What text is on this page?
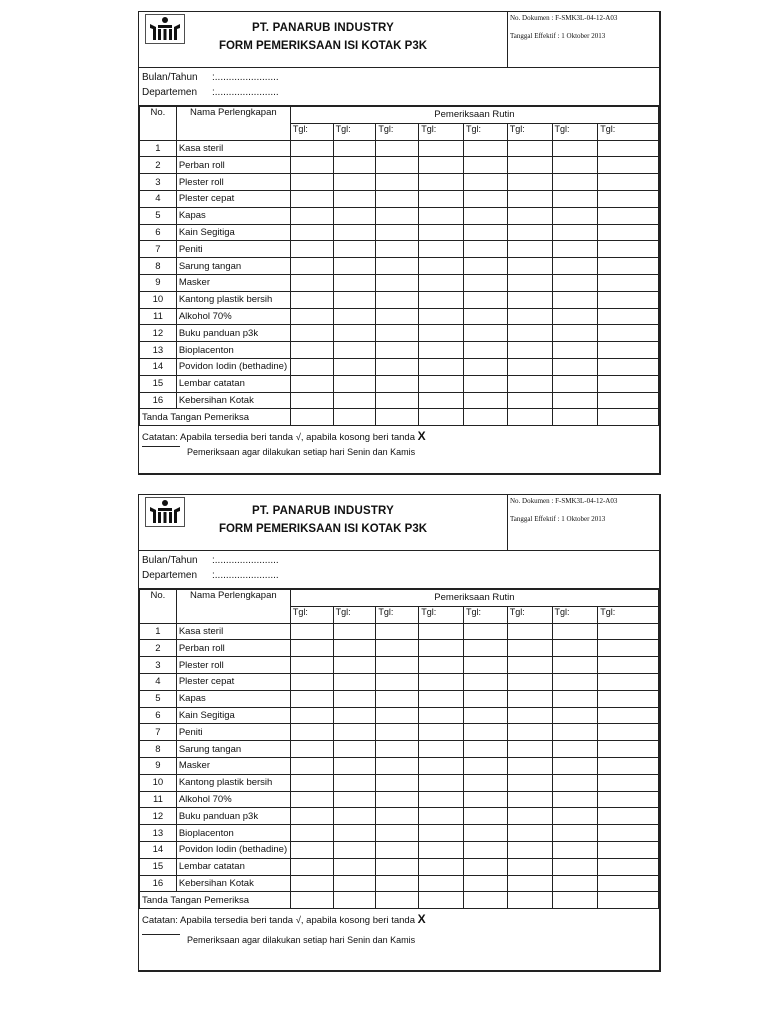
PT. PANARUB INDUSTRY
FORM PEMERIKSAAN ISI KOTAK P3K
No. Dokumen : F-SMK3L-04-12-A03
Tanggal Effektif : 1 Oktober 2013
Bulan/Tahun :.......................
Departemen :.......................
No.	Nama Perlengkapan	Pemeriksaan Rutin							
		Tgl:	Tgl:	Tgl:	Tgl:	Tgl:	Tgl:	Tgl:	Tgl:
1	Kasa steril								
2	Perban roll								
3	Plester roll								
4	Plester cepat								
5	Kapas								
6	Kain Segitiga								
7	Peniti								
8	Sarung tangan								
9	Masker								
10	Kantong plastik bersih								
11	Alkohol 70%								
12	Buku panduan p3k								
13	Bioplacenton								
14	Povidon Iodin (bethadine)								
15	Lembar catatan								
16	Kebersihan Kotak								
Tanda Tangan Pemeriksa									
Catatan: Apabila tersedia beri tanda √, apabila kosong beri tanda X
Pemeriksaan agar dilakukan setiap hari Senin dan Kamis
PT. PANARUB INDUSTRY
FORM PEMERIKSAAN ISI KOTAK P3K
No. Dokumen : F-SMK3L-04-12-A03
Tanggal Effektif : 1 Oktober 2013
Bulan/Tahun :.......................
Departemen :.......................
No.	Nama Perlengkapan	Pemeriksaan Rutin							
		Tgl:	Tgl:	Tgl:	Tgl:	Tgl:	Tgl:	Tgl:	Tgl:
1	Kasa steril								
2	Perban roll								
3	Plester roll								
4	Plester cepat								
5	Kapas								
6	Kain Segitiga								
7	Peniti								
8	Sarung tangan								
9	Masker								
10	Kantong plastik bersih								
11	Alkohol 70%								
12	Buku panduan p3k								
13	Bioplacenton								
14	Povidon Iodin (bethadine)								
15	Lembar catatan								
16	Kebersihan Kotak								
Tanda Tangan Pemeriksa									
Catatan: Apabila tersedia beri tanda √, apabila kosong beri tanda X
Pemeriksaan agar dilakukan setiap hari Senin dan Kamis
